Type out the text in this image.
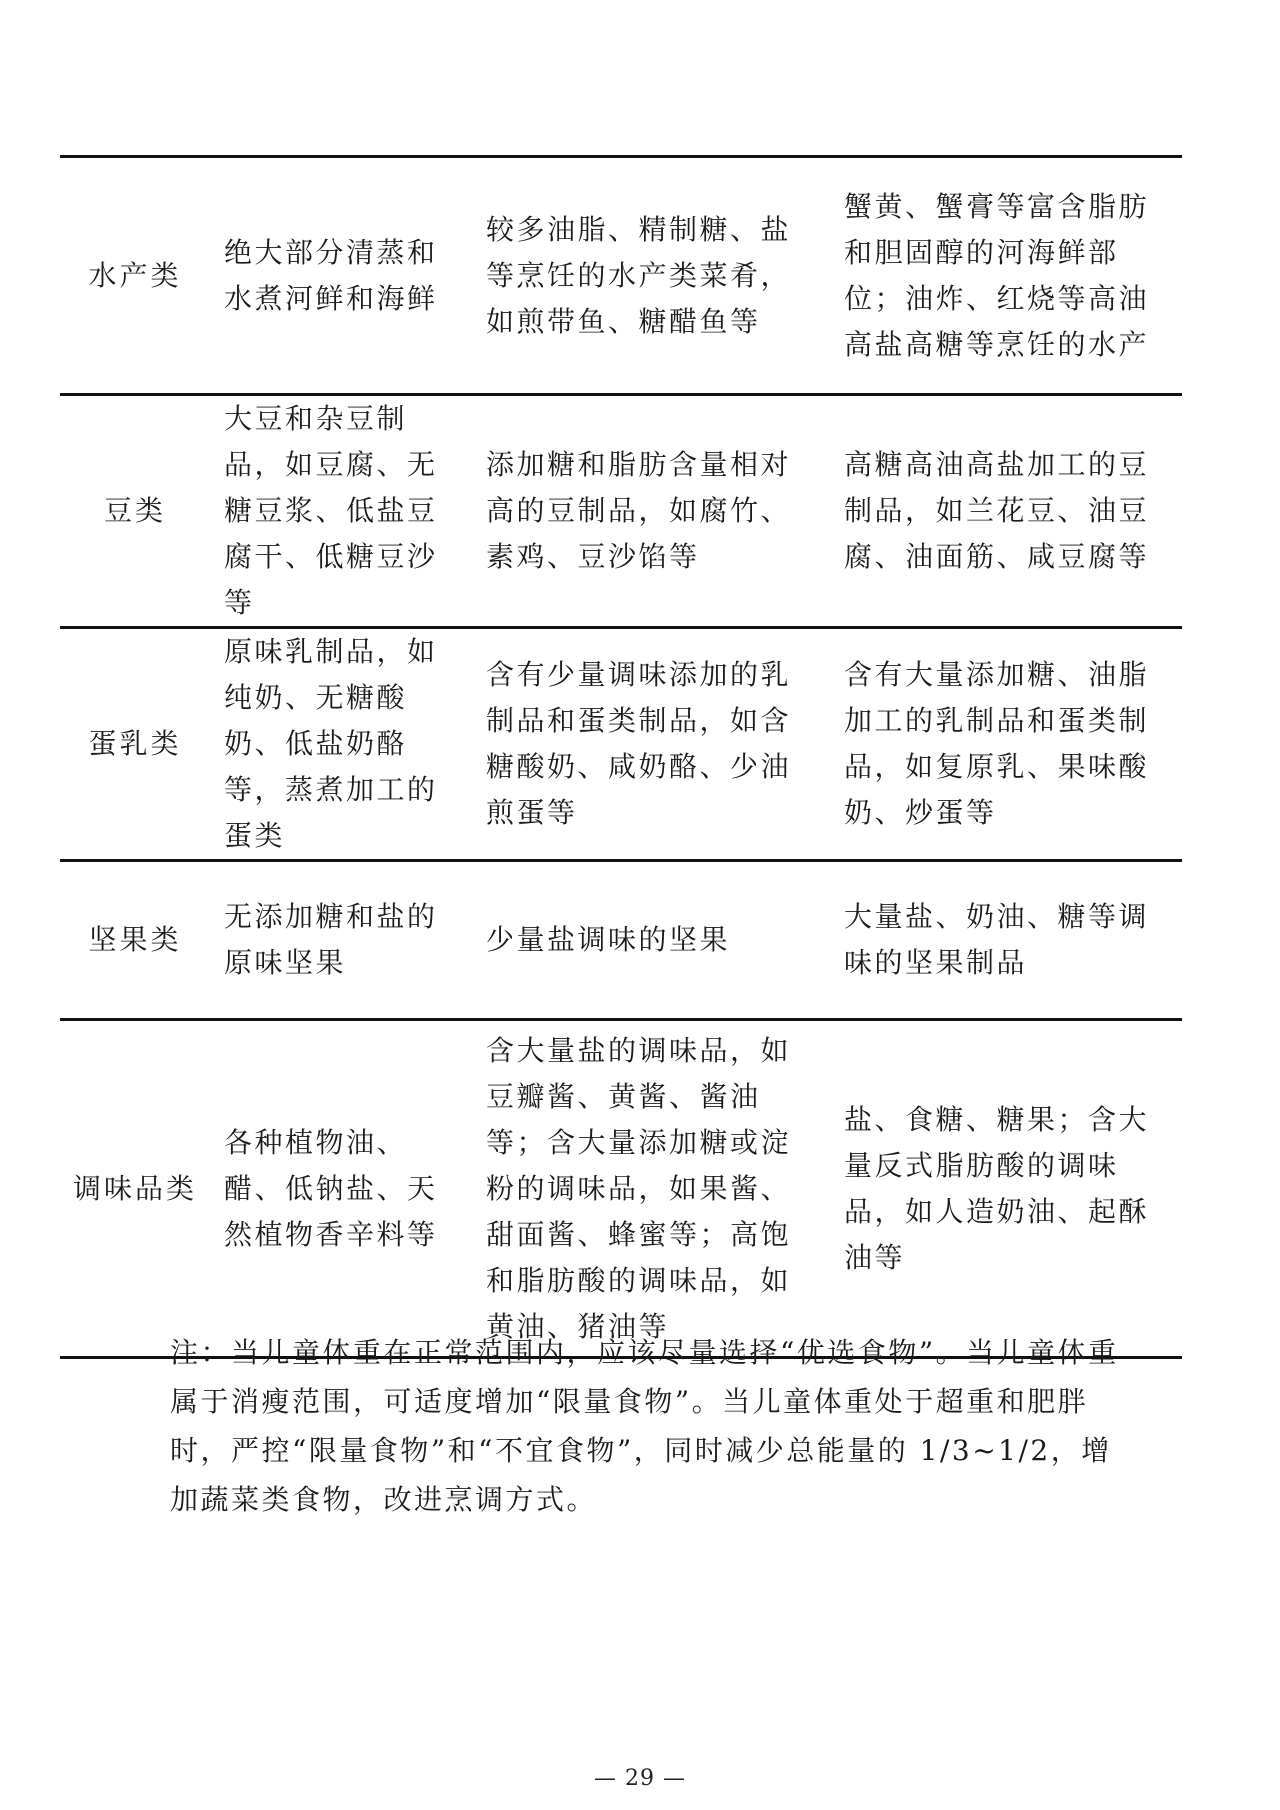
水产类	绝大部分清蒸和水煮河鲜和海鲜	较多油脂、精制糖、盐等烹饪的水产类菜肴，如煎带鱼、糖醋鱼等	蟹黄、蟹膏等富含脂肪和胆固醇的河海鲜部位；油炸、红烧等高油高盐高糖等烹饪的水产
豆类	大豆和杂豆制品，如豆腐、无糖豆浆、低盐豆腐干、低糖豆沙等	添加糖和脂肪含量相对高的豆制品，如腐竹、素鸡、豆沙馅等	高糖高油高盐加工的豆制品，如兰花豆、油豆腐、油面筋、咸豆腐等
蛋乳类	原味乳制品，如纯奶、无糖酸奶、低盐奶酪等，蒸煮加工的蛋类	含有少量调味添加的乳制品和蛋类制品，如含糖酸奶、咸奶酪、少油煎蛋等	含有大量添加糖、油脂加工的乳制品和蛋类制品，如复原乳、果味酸奶、炒蛋等
坚果类	无添加糖和盐的原味坚果	少量盐调味的坚果	大量盐、奶油、糖等调味的坚果制品
调味品类	各种植物油、醋、低钠盐、天然植物香辛料等	含大量盐的调味品，如豆瓣酱、黄酱、酱油等；含大量添加糖或淀粉的调味品，如果酱、甜面酱、蜂蜜等；高饱和脂肪酸的调味品，如黄油、猪油等	盐、食糖、糖果；含大量反式脂肪酸的调味品，如人造奶油、起酥油等

注：当儿童体重在正常范围内，应该尽量选择“优选食物”。当儿童体重属于消瘦范围，可适度增加“限量食物”。当儿童体重处于超重和肥胖时，严控“限量食物”和“不宜食物”，同时减少总能量的 1/3~1/2，增加蔬菜类食物，改进烹调方式。

— 29 —
